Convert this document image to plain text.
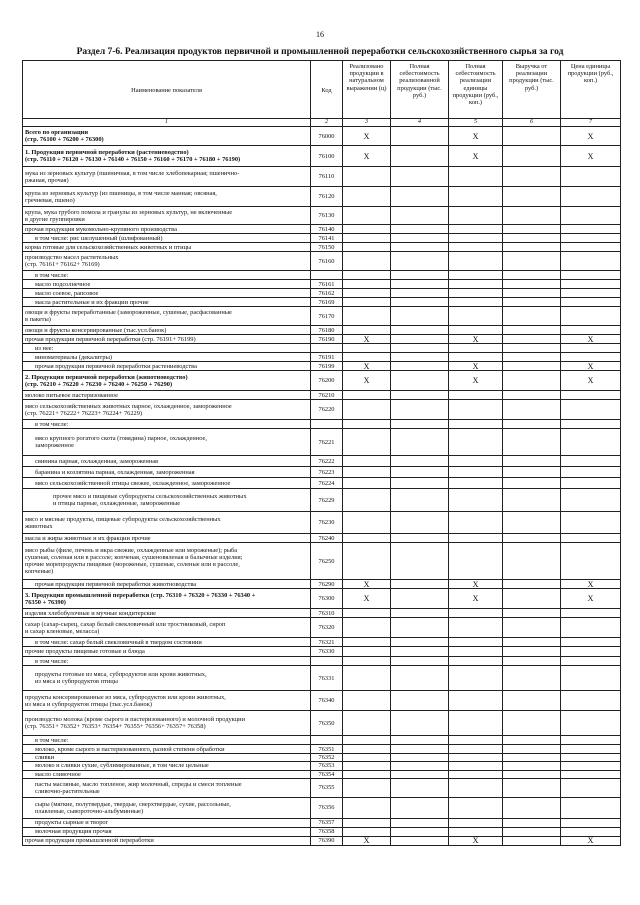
16
Раздел 7-6. Реализация продуктов первичной и промышленной переработки сельскохозяйственного сырья за год
Наименование показателя	Код	Реализовано продукции в натуральном выражении (ц)	Полная себестоимость реализованной продукции (тыс. руб.)	Полная себестоимость реализации единицы продукции (руб., коп.)	Выручка от реализации продукции (тыс. руб.)	Цена единицы продукции (руб., коп.)
1	2	3	4	5	6	7
Всего по организации
(стр. 76100 + 76200 + 76300)	76000	X		X		X
1. Продукция первичной переработки (растениеводство)
(стр. 76110 + 76120 + 76130 + 76140 + 76150 + 76160 + 76170 + 76180 + 76190)	76100	X		X		X
мука из зерновых культур (пшеничная, в том числе хлебопекарная; пшенично-
ржаная, прочая)	76110					
крупа из зерновых культур (из пшеницы, в том числе манная; овсяная,
гречневая, пшено)	76120					
крупа, мука грубого помола и гранулы из зерновых культур, не включенные
в другие группировки	76130					
прочая продукция мукомольно-крупяного производства	76140					
в том числе: рис шелушенный (шлифованный)	76141					
корма готовые для сельскохозяйственных животных и птицы	76150					
производство масел растительных
(стр. 76161+ 76162+ 76169)	76160					
в том числе:						
масло подсолнечное	76161					
масло соевое, рапсовое	76162					
масла растительные и их фракции прочие	76169					
овощи и фрукты переработанные (замороженные, сушеные, расфасованные
в пакеты)	76170					
овощи и фрукты консервированные (тыс.усл.банок)	76180					
прочая продукция первичной переработки (стр. 76191+ 76199)	76190	X		X		X
из нее:						
виноматериалы (декалитры)	76191					
прочая продукция первичной переработки растениеводства	76199	X		X		X
2. Продукция первичной переработки (животноводство)
(стр. 76210 + 76220 + 76230 + 76240 + 76250 + 76290)	76200	X		X		X
молоко питьевое пастеризованное	76210					
мясо сельскохозяйственных животных парное, охлажденное, замороженное
(стр. 76221+ 76222+ 76223+ 76224+ 76229)	76220					
в том числе:						
мясо крупного рогатого скота (говядина) парное, охлажденное,
замороженное	76221					
свинина парная, охлажденная, замороженная	76222					
баранина и козлятина парная, охлажденная, замороженная	76223					
мясо сельскохозяйственной птицы свежее, охлажденное, замороженное	76224					
прочее мясо и пищевые субпродукты сельскохозяйственных животных
и птицы парные, охлажденные, замороженные	76229					
мясо и мясные продукты, пищевые субпродукты сельскохозяйственных
животных	76230					
масла и жиры животные и их фракции прочие	76240					
мясо рыбы (филе, печень и икра свежие, охлажденные или мороженые); рыба
сушеная, соленая или в рассоле; копченая, сушеновяленая и балычные изделия;
прочие морепродукты пищевые (мороженые, сушеные, соленые или в рассоле,
копченые)	76250					
прочая продукция первичной переработки животноводства	76290	X		X		X
3. Продукция промышленной переработки (стр. 76310 + 76320 + 76330 + 76340 +
76350 + 76390)	76300	X		X		X
изделия хлебобулочные и мучные кондитерские	76310					
сахар (сахар-сырец, сахар белый свекловичный или тростниковый, сироп
и сахар кленовые, меласса)	76320					
в том числе: сахар белый свекловичный в твердом состоянии	76321					
прочие продукты пищевые готовые и блюда	76330					
в том числе:						
продукты готовые из мяса, субпродуктов или крови животных,
из мяса и субпродуктов птицы	76331					
продукты консервированные из мяса, субпродуктов или крови животных,
из мяса и субпродуктов птицы (тыс.усл.банок)	76340					
производство молока (кроме сырого и пастеризованного) и молочной продукции
(стр. 76351+ 76352+ 76353+ 76354+ 76355+ 76356+ 76357+ 76358)	76350					
в том числе:						
молоко, кроме сырого и пастеризованного, разной степени обработки	76351					
сливки	76352					
молоко и сливки сухие, сублимированные, в том числе цельные	76353					
масло сливочное	76354					
пасты масляные, масло топленое, жир молочный, спреды и смеси топленые
сливочно-растительные	76355					
сыры (мягкие, полутвердые, твердые, сверхтвердые, сухие, рассольные,
плавленые, сывороточно-альбуминные)	76356					
продукты сырные и творог	76357					
молочная продукция прочая	76358					
прочая продукция промышленной переработки	76390	X		X		X
